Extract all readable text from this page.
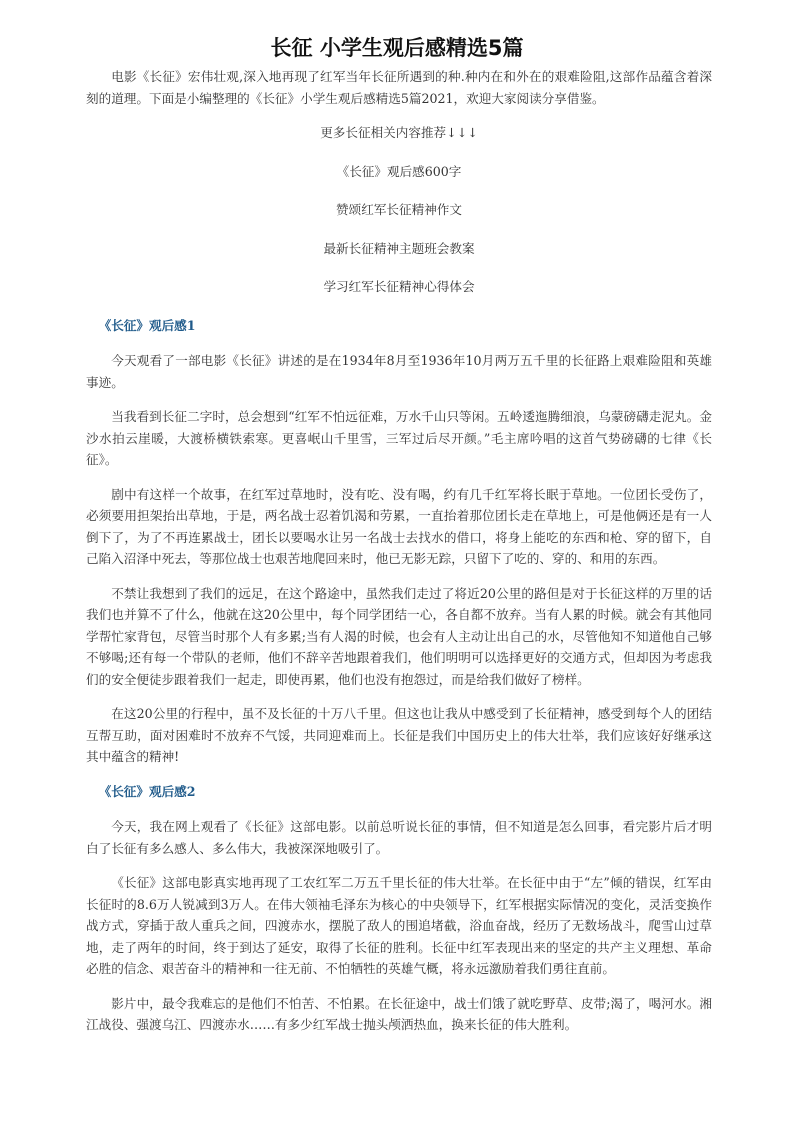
长征 小学生观后感精选5篇

电影《长征》宏伟壮观,深入地再现了红军当年长征所遇到的种.种内在和外在的艰难险阻,这部作品蕴含着深刻的道理。下面是小编整理的《长征》小学生观后感精选5篇2021，欢迎大家阅读分享借鉴。

更多长征相关内容推荐↓↓↓

《长征》观后感600字

赞颂红军长征精神作文

最新长征精神主题班会教案

学习红军长征精神心得体会

《长征》观后感1

今天观看了一部电影《长征》讲述的是在1934年8月至1936年10月两万五千里的长征路上艰难险阻和英雄事迹。

当我看到长征二字时，总会想到“红军不怕远征难，万水千山只等闲。五岭逶迤腾细浪，乌蒙磅礴走泥丸。金沙水拍云崖暖，大渡桥横铁索寒。更喜岷山千里雪，三军过后尽开颜。”毛主席吟唱的这首气势磅礴的七律《长征》。

剧中有这样一个故事，在红军过草地时，没有吃、没有喝，约有几千红军将长眠于草地。一位团长受伤了，必须要用担架抬出草地，于是，两名战士忍着饥渴和劳累，一直抬着那位团长走在草地上，可是他俩还是有一人倒下了，为了不再连累战士，团长以要喝水让另一名战士去找水的借口，将身上能吃的东西和枪、穿的留下，自己陷入沼泽中死去，等那位战士也艰苦地爬回来时，他已无影无踪，只留下了吃的、穿的、和用的东西。

不禁让我想到了我们的远足，在这个路途中，虽然我们走过了将近20公里的路但是对于长征这样的万里的话我们也并算不了什么，他就在这20公里中，每个同学团结一心，各自都不放弃。当有人累的时候。就会有其他同学帮忙家背包，尽管当时那个人有多累;当有人渴的时候，也会有人主动让出自己的水，尽管他知不知道他自己够不够喝;还有每一个带队的老师，他们不辞辛苦地跟着我们，他们明明可以选择更好的交通方式，但却因为考虑我们的安全便徒步跟着我们一起走，即使再累，他们也没有抱怨过，而是给我们做好了榜样。

在这20公里的行程中，虽不及长征的十万八千里。但这也让我从中感受到了长征精神，感受到每个人的团结互帮互助，面对困难时不放弃不气馁，共同迎难而上。长征是我们中国历史上的伟大壮举，我们应该好好继承这其中蕴含的精神!

《长征》观后感2

今天，我在网上观看了《长征》这部电影。以前总听说长征的事情，但不知道是怎么回事，看完影片后才明白了长征有多么感人、多么伟大，我被深深地吸引了。

《长征》这部电影真实地再现了工农红军二万五千里长征的伟大壮举。在长征中由于“左”倾的错误，红军由长征时的8.6万人锐减到3万人。在伟大领袖毛泽东为核心的中央领导下，红军根据实际情况的变化，灵活变换作战方式，穿插于敌人重兵之间，四渡赤水，摆脱了敌人的围追堵截，浴血奋战，经历了无数场战斗，爬雪山过草地，走了两年的时间，终于到达了延安，取得了长征的胜利。长征中红军表现出来的坚定的共产主义理想、革命必胜的信念、艰苦奋斗的精神和一往无前、不怕牺牲的英雄气概，将永远激励着我们勇往直前。

影片中，最令我难忘的是他们不怕苦、不怕累。在长征途中，战士们饿了就吃野草、皮带;渴了，喝河水。湘江战役、强渡乌江、四渡赤水……有多少红军战士抛头颅洒热血，换来长征的伟大胜利。
